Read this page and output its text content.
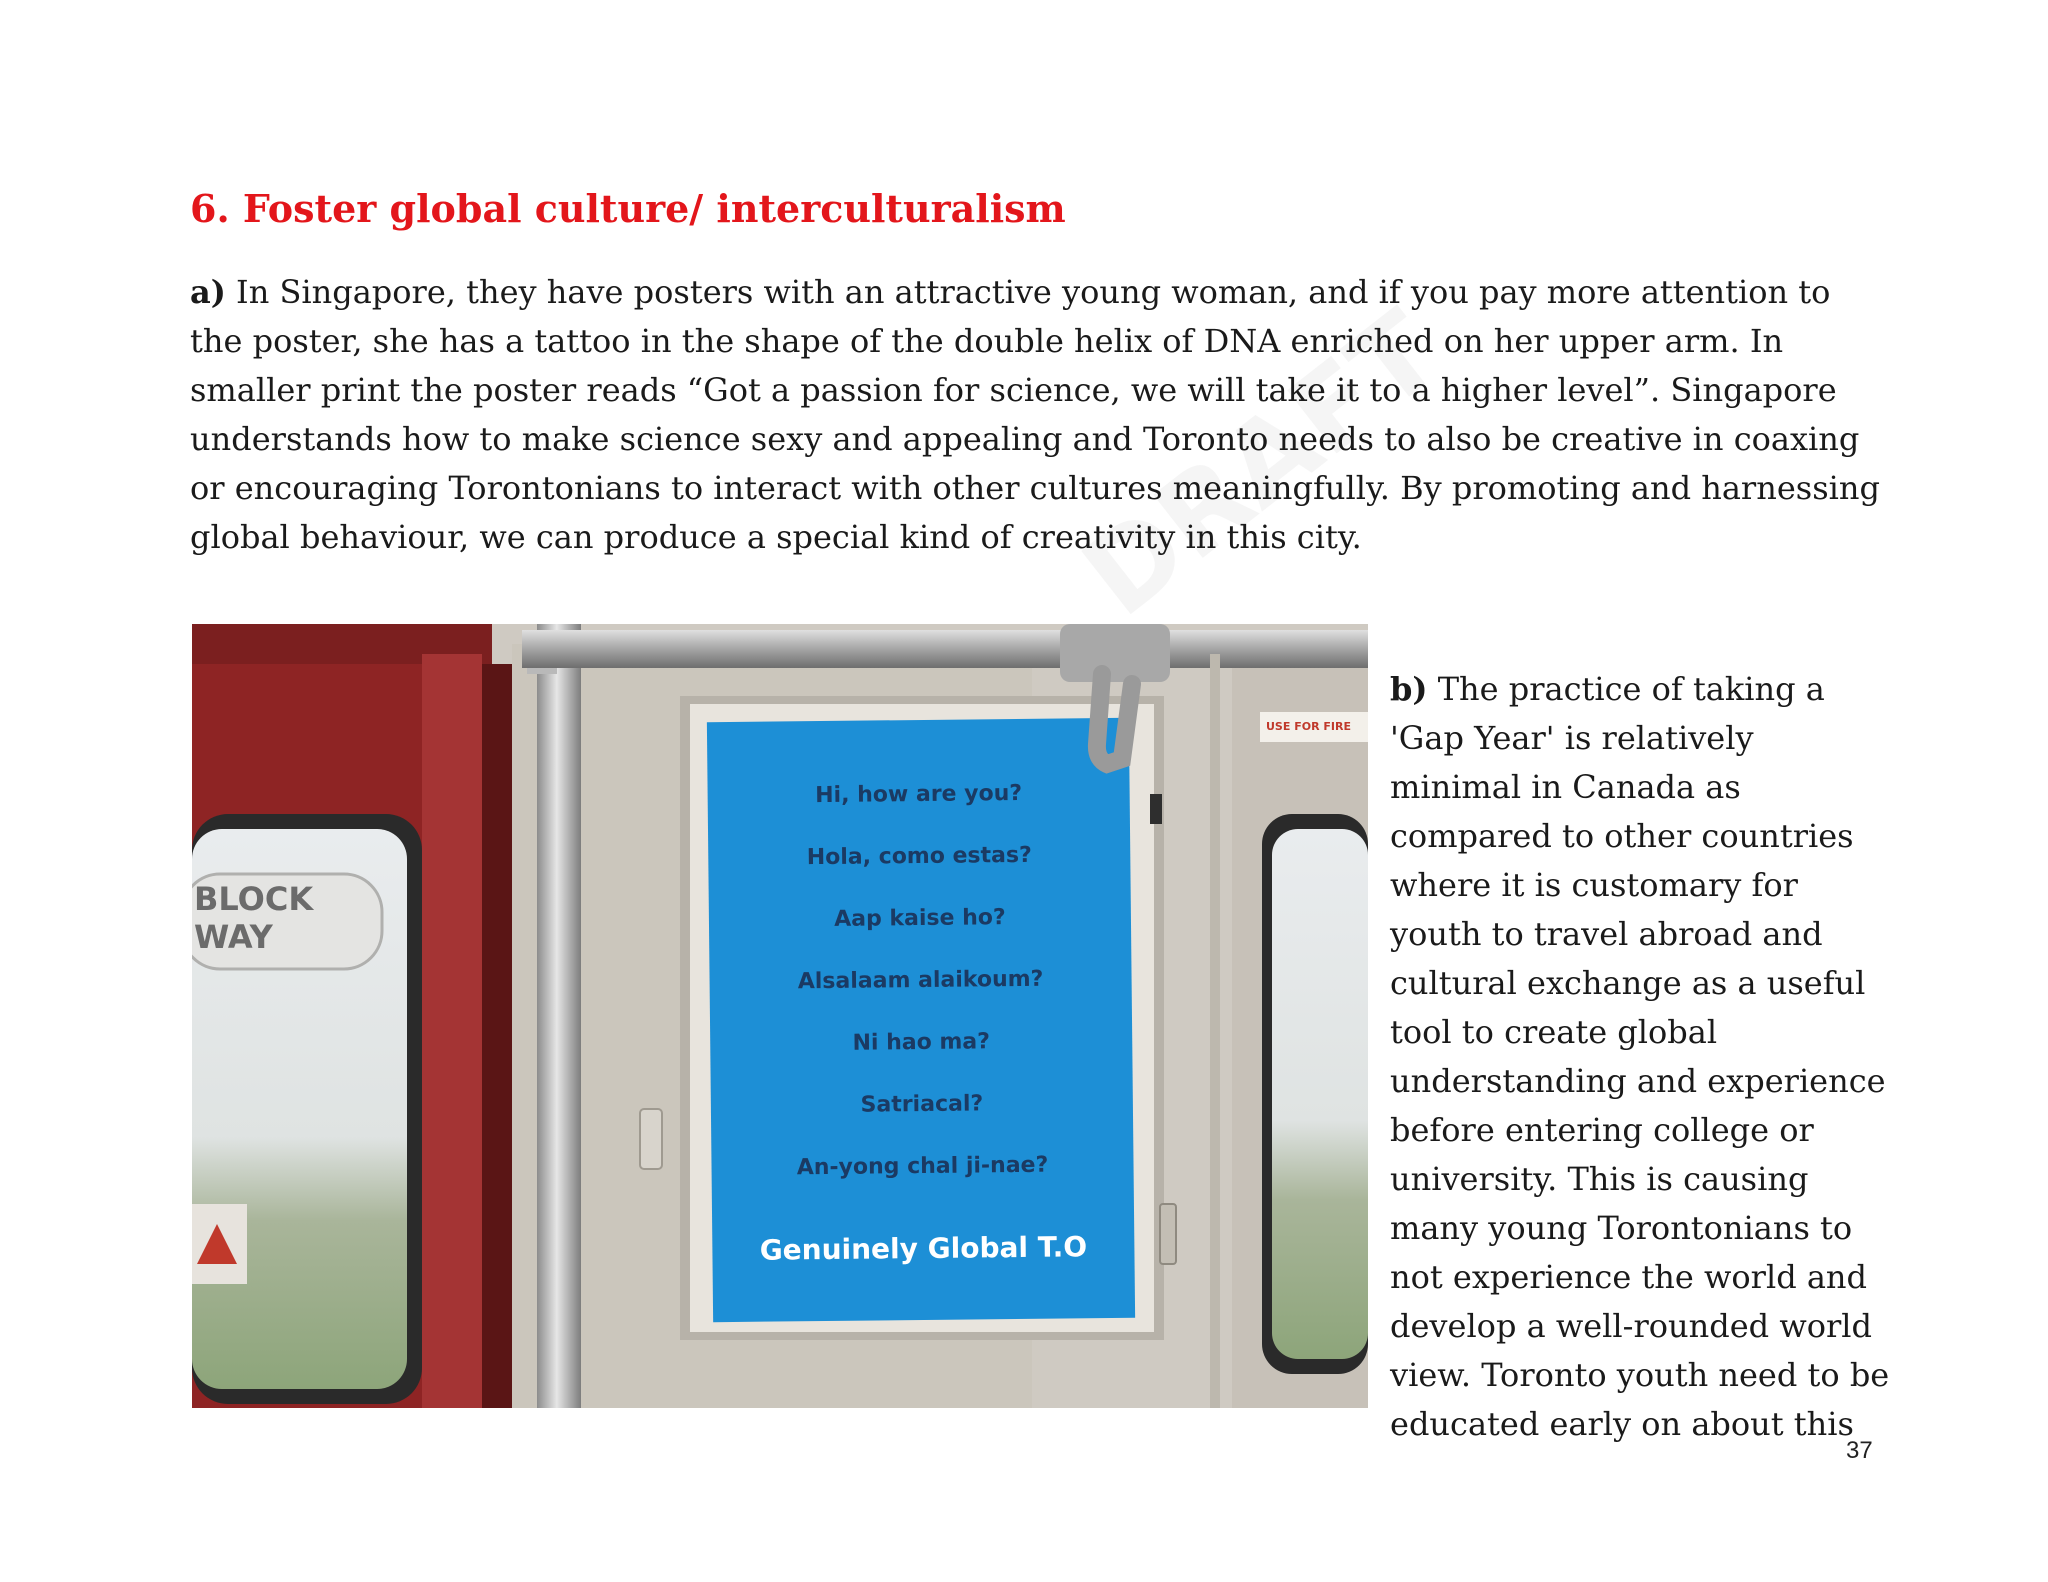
DRAFT
6. Foster global culture/ interculturalism

a) In Singapore, they have posters with an attractive young woman, and if you pay more attention to the poster, she has a tattoo in the shape of the double helix of DNA enriched on her upper arm. In smaller print the poster reads “Got a passion for science, we will take it to a higher level”. Singapore understands how to make science sexy and appealing and Toronto needs to also be creative in coaxing or encouraging Torontonians to interact with other cultures meaningfully. By promoting and harnessing global behaviour, we can produce a special kind of creativity in this city.

BLOCK
WAY
USE FOR FIRE
Hi, how are you?
Hola, como estas?
Aap kaise ho?
Alsalaam alaikoum?
Ni hao ma?
Satriacal?
An-yong chal ji-nae?
Genuinely Global T.O

b) The practice of taking a 'Gap Year' is relatively minimal in Canada as compared to other countries where it is customary for youth to travel abroad and cultural exchange as a useful tool to create global understanding and experience before entering college or university. This is causing many young Torontonians to not experience the world and develop a well-rounded world view. Toronto youth need to be educated early on about this

37
